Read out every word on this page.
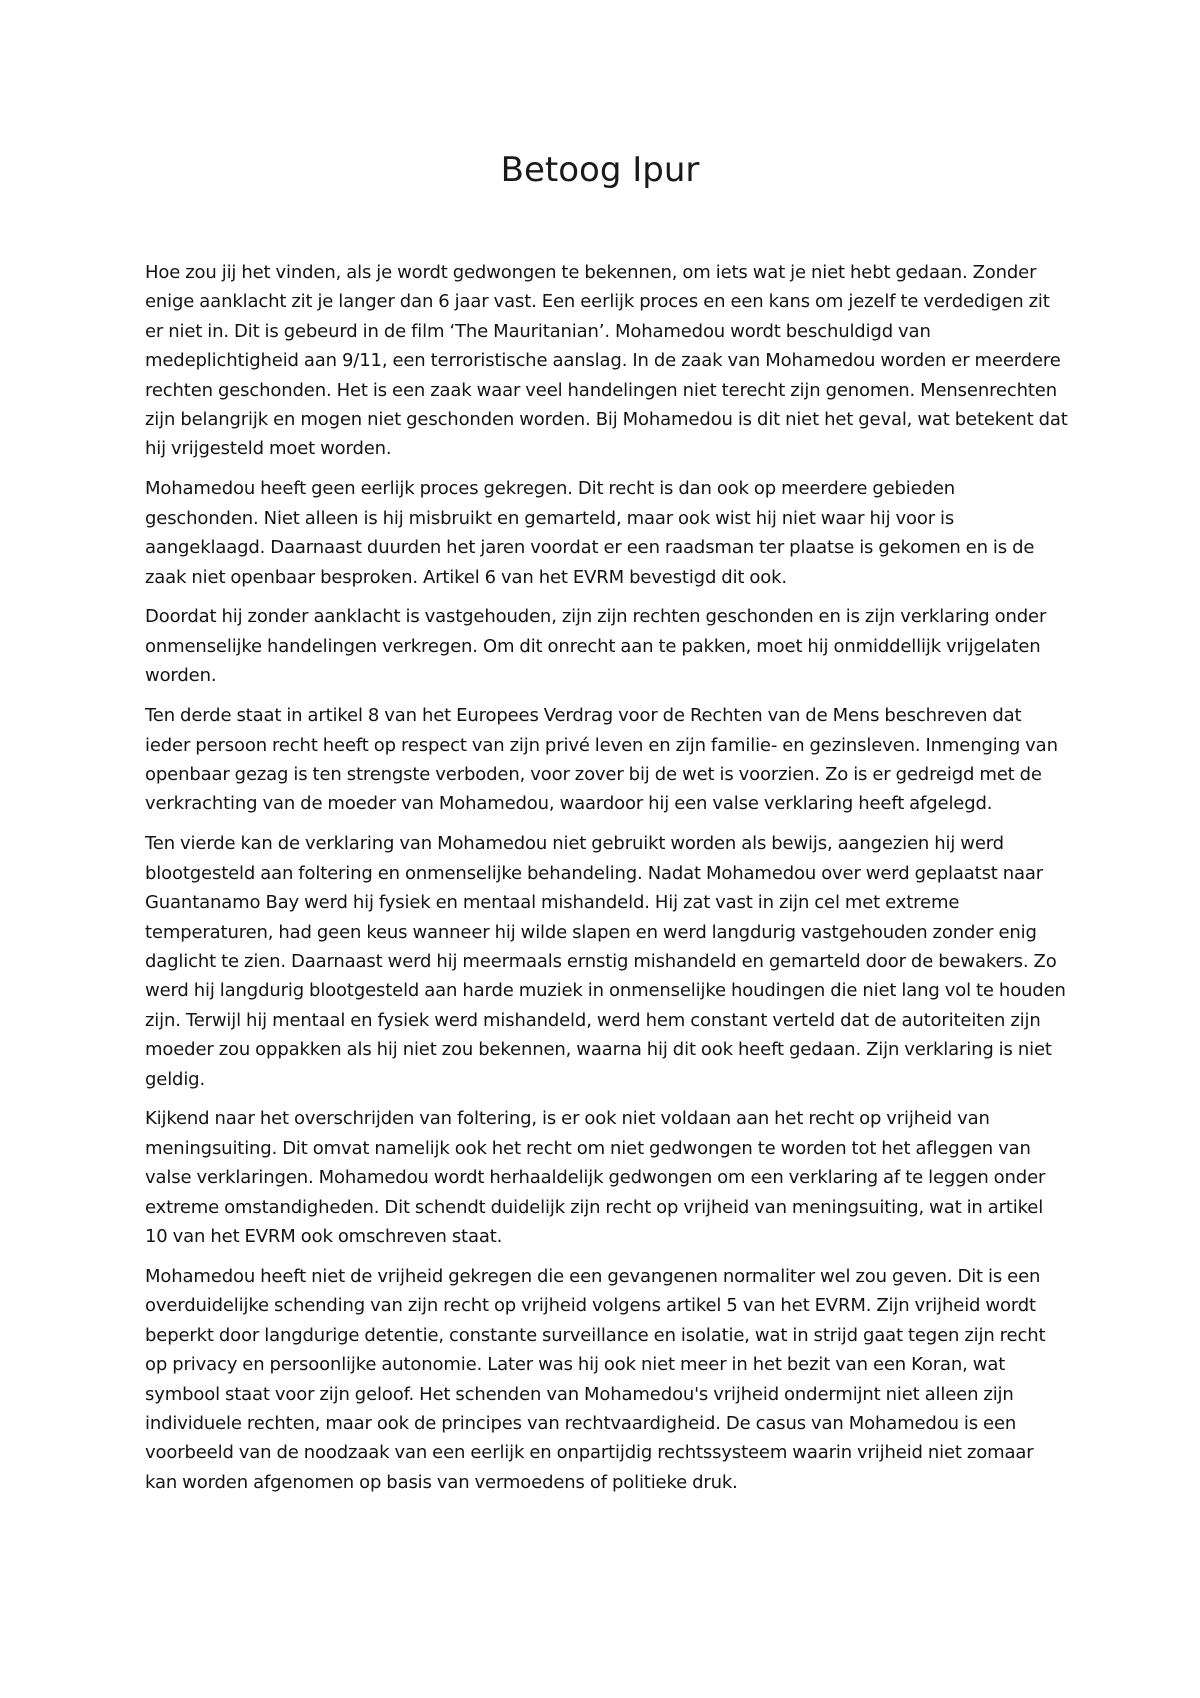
Betoog Ipur

Hoe zou jij het vinden, als je wordt gedwongen te bekennen, om iets wat je niet hebt gedaan. Zonder enige aanklacht zit je langer dan 6 jaar vast. Een eerlijk proces en een kans om jezelf te verdedigen zit er niet in. Dit is gebeurd in de film ‘The Mauritanian’. Mohamedou wordt beschuldigd van medeplichtigheid aan 9/11, een terroristische aanslag. In de zaak van Mohamedou worden er meerdere rechten geschonden. Het is een zaak waar veel handelingen niet terecht zijn genomen. Mensenrechten zijn belangrijk en mogen niet geschonden worden. Bij Mohamedou is dit niet het geval, wat betekent dat hij vrijgesteld moet worden.

Mohamedou heeft geen eerlijk proces gekregen. Dit recht is dan ook op meerdere gebieden geschonden. Niet alleen is hij misbruikt en gemarteld, maar ook wist hij niet waar hij voor is aangeklaagd. Daarnaast duurden het jaren voordat er een raadsman ter plaatse is gekomen en is de zaak niet openbaar besproken. Artikel 6 van het EVRM bevestigd dit ook.

Doordat hij zonder aanklacht is vastgehouden, zijn zijn rechten geschonden en is zijn verklaring onder onmenselijke handelingen verkregen. Om dit onrecht aan te pakken, moet hij onmiddellijk vrijgelaten worden.

Ten derde staat in artikel 8 van het Europees Verdrag voor de Rechten van de Mens beschreven dat ieder persoon recht heeft op respect van zijn privé leven en zijn familie- en gezinsleven. Inmenging van openbaar gezag is ten strengste verboden, voor zover bij de wet is voorzien. Zo is er gedreigd met de verkrachting van de moeder van Mohamedou, waardoor hij een valse verklaring heeft afgelegd.

Ten vierde kan de verklaring van Mohamedou niet gebruikt worden als bewijs, aangezien hij werd blootgesteld aan foltering en onmenselijke behandeling. Nadat Mohamedou over werd geplaatst naar Guantanamo Bay werd hij fysiek en mentaal mishandeld. Hij zat vast in zijn cel met extreme temperaturen, had geen keus wanneer hij wilde slapen en werd langdurig vastgehouden zonder enig daglicht te zien. Daarnaast werd hij meermaals ernstig mishandeld en gemarteld door de bewakers. Zo werd hij langdurig blootgesteld aan harde muziek in onmenselijke houdingen die niet lang vol te houden zijn. Terwijl hij mentaal en fysiek werd mishandeld, werd hem constant verteld dat de autoriteiten zijn moeder zou oppakken als hij niet zou bekennen, waarna hij dit ook heeft gedaan. Zijn verklaring is niet geldig.

Kijkend naar het overschrijden van foltering, is er ook niet voldaan aan het recht op vrijheid van meningsuiting. Dit omvat namelijk ook het recht om niet gedwongen te worden tot het afleggen van valse verklaringen. Mohamedou wordt herhaaldelijk gedwongen om een verklaring af te leggen onder extreme omstandigheden. Dit schendt duidelijk zijn recht op vrijheid van meningsuiting, wat in artikel 10 van het EVRM ook omschreven staat.

Mohamedou heeft niet de vrijheid gekregen die een gevangenen normaliter wel zou geven. Dit is een overduidelijke schending van zijn recht op vrijheid volgens artikel 5 van het EVRM. Zijn vrijheid wordt beperkt door langdurige detentie, constante surveillance en isolatie, wat in strijd gaat tegen zijn recht op privacy en persoonlijke autonomie. Later was hij ook niet meer in het bezit van een Koran, wat symbool staat voor zijn geloof. Het schenden van Mohamedou's vrijheid ondermijnt niet alleen zijn individuele rechten, maar ook de principes van rechtvaardigheid. De casus van Mohamedou is een voorbeeld van de noodzaak van een eerlijk en onpartijdig rechtssysteem waarin vrijheid niet zomaar kan worden afgenomen op basis van vermoedens of politieke druk.
